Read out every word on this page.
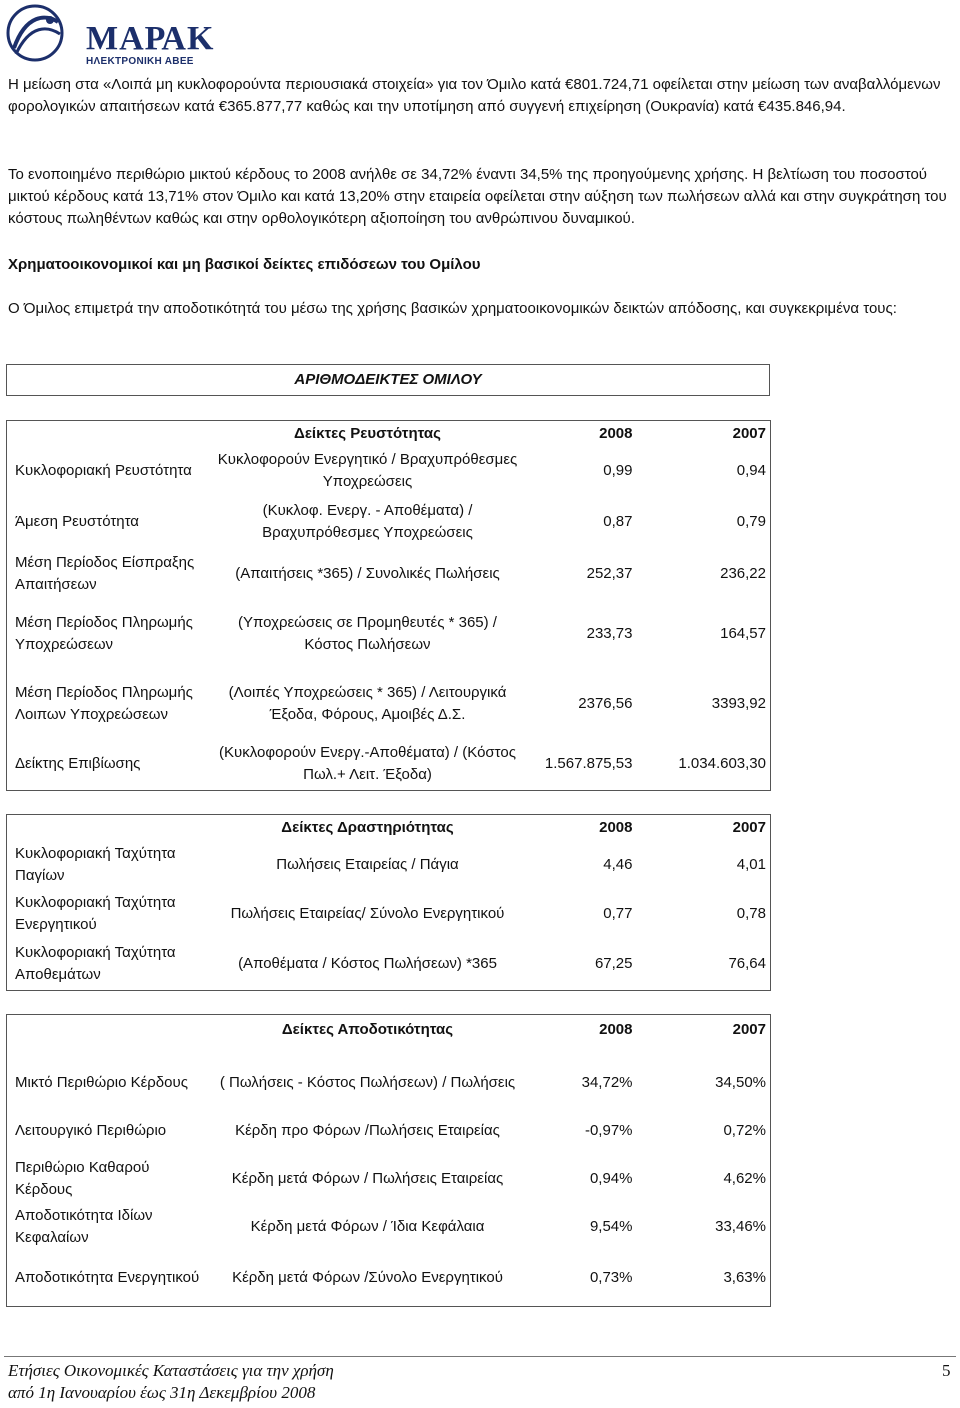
ΜΑΡΑΚ
ΗΛΕΚΤΡΟΝΙΚΗ ΑΒΕΕ

Η μείωση στα «Λοιπά μη κυκλοφορούντα περιουσιακά στοιχεία» για τον Όμιλο κατά €801.724,71 οφείλεται στην μείωση των αναβαλλόμενων φορολογικών απαιτήσεων κατά €365.877,77 καθώς και την υποτίμηση από συγγενή επιχείρηση (Ουκρανία) κατά €435.846,94.

Το ενοποιημένο περιθώριο μικτού κέρδους το 2008 ανήλθε σε 34,72% έναντι 34,5% της προηγούμενης χρήσης. Η βελτίωση του ποσοστού μικτού κέρδους κατά 13,71% στον Όμιλο και κατά 13,20% στην εταιρεία οφείλεται στην αύξηση των πωλήσεων αλλά και στην συγκράτηση του κόστους πωληθέντων καθώς και στην ορθολογικότερη αξιοποίηση του ανθρώπινου δυναμικού.

Χρηματοοικονομικοί και μη βασικοί δείκτες επιδόσεων του Ομίλου

Ο Όμιλος επιμετρά την αποδοτικότητά του μέσω της χρήσης βασικών χρηματοοικονομικών δεικτών απόδοσης, και συγκεκριμένα τους:

ΑΡΙΘΜΟΔΕΙΚΤΕΣ ΟΜΙΛΟΥ
	Δείκτες Ρευστότητας	2008	2007
Κυκλοφοριακή Ρευστότητα	Κυκλοφορούν Ενεργητικό / Βραχυπρόθεσμες Υποχρεώσεις	0,99	0,94
Άμεση Ρευστότητα	(Κυκλοφ. Ενεργ. - Αποθέματα) / Βραχυπρόθεσμες Υποχρεώσεις	0,87	0,79
Μέση Περίοδος Είσπραξης Απαιτήσεων	(Απαιτήσεις *365) / Συνολικές Πωλήσεις	252,37	236,22
Μέση Περίοδος Πληρωμής Υποχρεώσεων	(Υποχρεώσεις σε Προμηθευτές * 365) / Κόστος Πωλήσεων	233,73	164,57
Μέση Περίοδος Πληρωμής Λοιπων Υποχρεώσεων	(Λοιπές Υποχρεώσεις * 365) / Λειτουργικά Έξοδα, Φόρους, Αμοιβές Δ.Σ.	2376,56	3393,92
Δείκτης Επιβίωσης	(Κυκλοφορούν Ενεργ.-Αποθέματα) / (Κόστος Πωλ.+ Λειτ. Έξοδα)	1.567.875,53	1.034.603,30
	Δείκτες Δραστηριότητας	2008	2007
Κυκλοφοριακή Ταχύτητα Παγίων	Πωλήσεις Εταιρείας / Πάγια	4,46	4,01
Κυκλοφοριακή Ταχύτητα Ενεργητικού	Πωλήσεις Εταιρείας/ Σύνολο Ενεργητικού	0,77	0,78
Κυκλοφοριακή Ταχύτητα Αποθεμάτων	(Αποθέματα / Κόστος Πωλήσεων) *365	67,25	76,64
	Δείκτες Αποδοτικότητας	2008	2007

Μικτό Περιθώριο Κέρδους	( Πωλήσεις - Κόστος Πωλήσεων) / Πωλήσεις	34,72%	34,50%
Λειτουργικό Περιθώριο	Κέρδη προ Φόρων /Πωλήσεις Εταιρείας	-0,97%	0,72%
Περιθώριο Καθαρού Κέρδους	Κέρδη μετά Φόρων / Πωλήσεις Εταιρείας	0,94%	4,62%
Αποδοτικότητα Ιδίων Κεφαλαίων	Κέρδη μετά Φόρων / Ίδια Κεφάλαια	9,54%	33,46%
Αποδοτικότητα Ενεργητικού	Κέρδη μετά Φόρων /Σύνολο Ενεργητικού	0,73%	3,63%
Ετήσιες Οικονομικές Καταστάσεις για την χρήση
από 1η Ιανουαρίου έως 31η Δεκεμβρίου 2008
5
